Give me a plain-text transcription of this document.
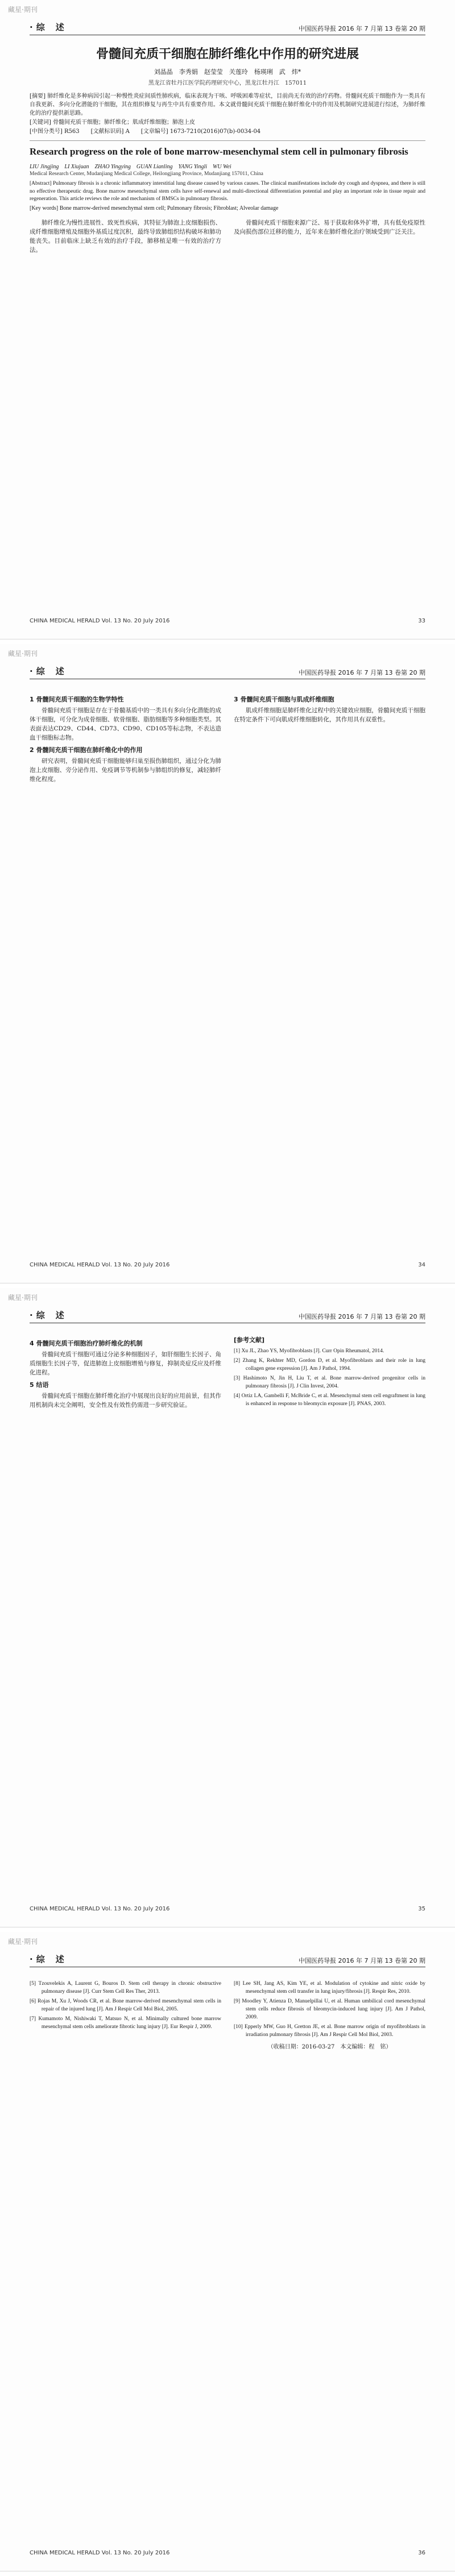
藏星·期刊
· 综　述	中国医药导报 2016 年 7 月第 13 卷第 20 期
骨髓间充质干细胞在肺纤维化中作用的研究进展
刘晶晶　李秀娟　赵莹莹　关莲玲　杨瑛琍　武　炜*
黑龙江省牡丹江医学院药理研究中心，黑龙江牡丹江　157011
[摘要] 肺纤维化是多种病因引起一种慢性炎症间质性肺疾病，临床表现为干咳、呼吸困难等症状，目前尚无有效的治疗药物。骨髓间充质干细胞作为一类具有自我更新、多向分化潜能的干细胞，其在组织修复与再生中具有重要作用。本文就骨髓间充质干细胞在肺纤维化中的作用及机制研究进展进行综述，为肺纤维化的治疗提供新思路。
[关键词] 骨髓间充质干细胞；肺纤维化；肌成纤维细胞；肺泡上皮
[中图分类号] R563　　[文献标识码] A　　[文章编号] 1673-7210(2016)07(b)-0034-04
Research progress on the role of bone marrow-mesenchymal stem cell in pulmonary fibrosis
LIU Jingjing　LI Xiujuan　ZHAO Yingying　GUAN Lianling　YANG Yingli　WU Wei
Medical Research Center, Mudanjiang Medical College, Heilongjiang Province, Mudanjiang 157011, China
[Abstract] Pulmonary fibrosis is a chronic inflammatory interstitial lung disease caused by various causes. The clinical manifestations include dry cough and dyspnea, and there is still no effective therapeutic drug. Bone marrow mesenchymal stem cells have self-renewal and multi-directional differentiation potential and play an important role in tissue repair and regeneration. This article reviews the role and mechanism of BMSCs in pulmonary fibrosis.
[Key words] Bone marrow-derived mesenchymal stem cell; Pulmonary fibrosis; Fibroblast; Alveolar damage

肺纤维化为慢性进展性、致死性疾病，其特征为肺泡上皮细胞损伤、成纤维细胞增殖及细胞外基质过度沉积，最终导致肺组织结构破坏和肺功能丧失。目前临床上缺乏有效的治疗手段，肺移植是唯一有效的治疗方法。

骨髓间充质干细胞来源广泛、易于获取和体外扩增，具有低免疫原性及向损伤部位迁移的能力，近年来在肺纤维化治疗领域受到广泛关注。

CHINA MEDICAL HERALD Vol. 13 No. 20 July 2016	33
藏星·期刊
· 综　述	中国医药导报 2016 年 7 月第 13 卷第 20 期
1 骨髓间充质干细胞的生物学特性

骨髓间充质干细胞是存在于骨髓基质中的一类具有多向分化潜能的成体干细胞，可分化为成骨细胞、软骨细胞、脂肪细胞等多种细胞类型。其表面表达CD29、CD44、CD73、CD90、CD105等标志物，不表达造血干细胞标志物。

2 骨髓间充质干细胞在肺纤维化中的作用

研究表明，骨髓间充质干细胞能够归巢至损伤肺组织，通过分化为肺泡上皮细胞、旁分泌作用、免疫调节等机制参与肺组织的修复，减轻肺纤维化程度。

3 骨髓间充质干细胞与肌成纤维细胞

肌成纤维细胞是肺纤维化过程中的关键效应细胞，骨髓间充质干细胞在特定条件下可向肌成纤维细胞转化，其作用具有双重性。

CHINA MEDICAL HERALD Vol. 13 No. 20 July 2016	34
藏星·期刊
· 综　述	中国医药导报 2016 年 7 月第 13 卷第 20 期
4 骨髓间充质干细胞治疗肺纤维化的机制

骨髓间充质干细胞可通过分泌多种细胞因子，如肝细胞生长因子、角质细胞生长因子等，促进肺泡上皮细胞增殖与修复，抑制炎症反应及纤维化进程。

5 结语

骨髓间充质干细胞在肺纤维化治疗中展现出良好的应用前景，但其作用机制尚未完全阐明，安全性及有效性仍需进一步研究验证。

[参考文献]
[1] Xu JL, Zhao YS, Myofibroblasts [J]. Curr Opin Rheumatol, 2014.
[2] Zhang K, Rekhter MD, Gordon D, et al. Myofibroblasts and their role in lung collagen gene expression [J]. Am J Pathol, 1994.
[3] Hashimoto N, Jin H, Liu T, et al. Bone marrow-derived progenitor cells in pulmonary fibrosis [J]. J Clin Invest, 2004.
[4] Ortiz LA, Gambelli F, McBride C, et al. Mesenchymal stem cell engraftment in lung is enhanced in response to bleomycin exposure [J]. PNAS, 2003.
CHINA MEDICAL HERALD Vol. 13 No. 20 July 2016	35
藏星·期刊
· 综　述	中国医药导报 2016 年 7 月第 13 卷第 20 期
[5] Tzouvelekis A, Laurent G, Bouros D. Stem cell therapy in chronic obstructive pulmonary disease [J]. Curr Stem Cell Res Ther, 2013.
[6] Rojas M, Xu J, Woods CR, et al. Bone marrow-derived mesenchymal stem cells in repair of the injured lung [J]. Am J Respir Cell Mol Biol, 2005.
[7] Kumamoto M, Nishiwaki T, Matsuo N, et al. Minimally cultured bone marrow mesenchymal stem cells ameliorate fibrotic lung injury [J]. Eur Respir J, 2009.
[8] Lee SH, Jang AS, Kim YE, et al. Modulation of cytokine and nitric oxide by mesenchymal stem cell transfer in lung injury/fibrosis [J]. Respir Res, 2010.
[9] Moodley Y, Atienza D, Manuelpillai U, et al. Human umbilical cord mesenchymal stem cells reduce fibrosis of bleomycin-induced lung injury [J]. Am J Pathol, 2009.
[10] Epperly MW, Guo H, Gretton JE, et al. Bone marrow origin of myofibroblasts in irradiation pulmonary fibrosis [J]. Am J Respir Cell Mol Biol, 2003.
（收稿日期：2016-03-27　本文编辑：程　铭）
CHINA MEDICAL HERALD Vol. 13 No. 20 July 2016	36
